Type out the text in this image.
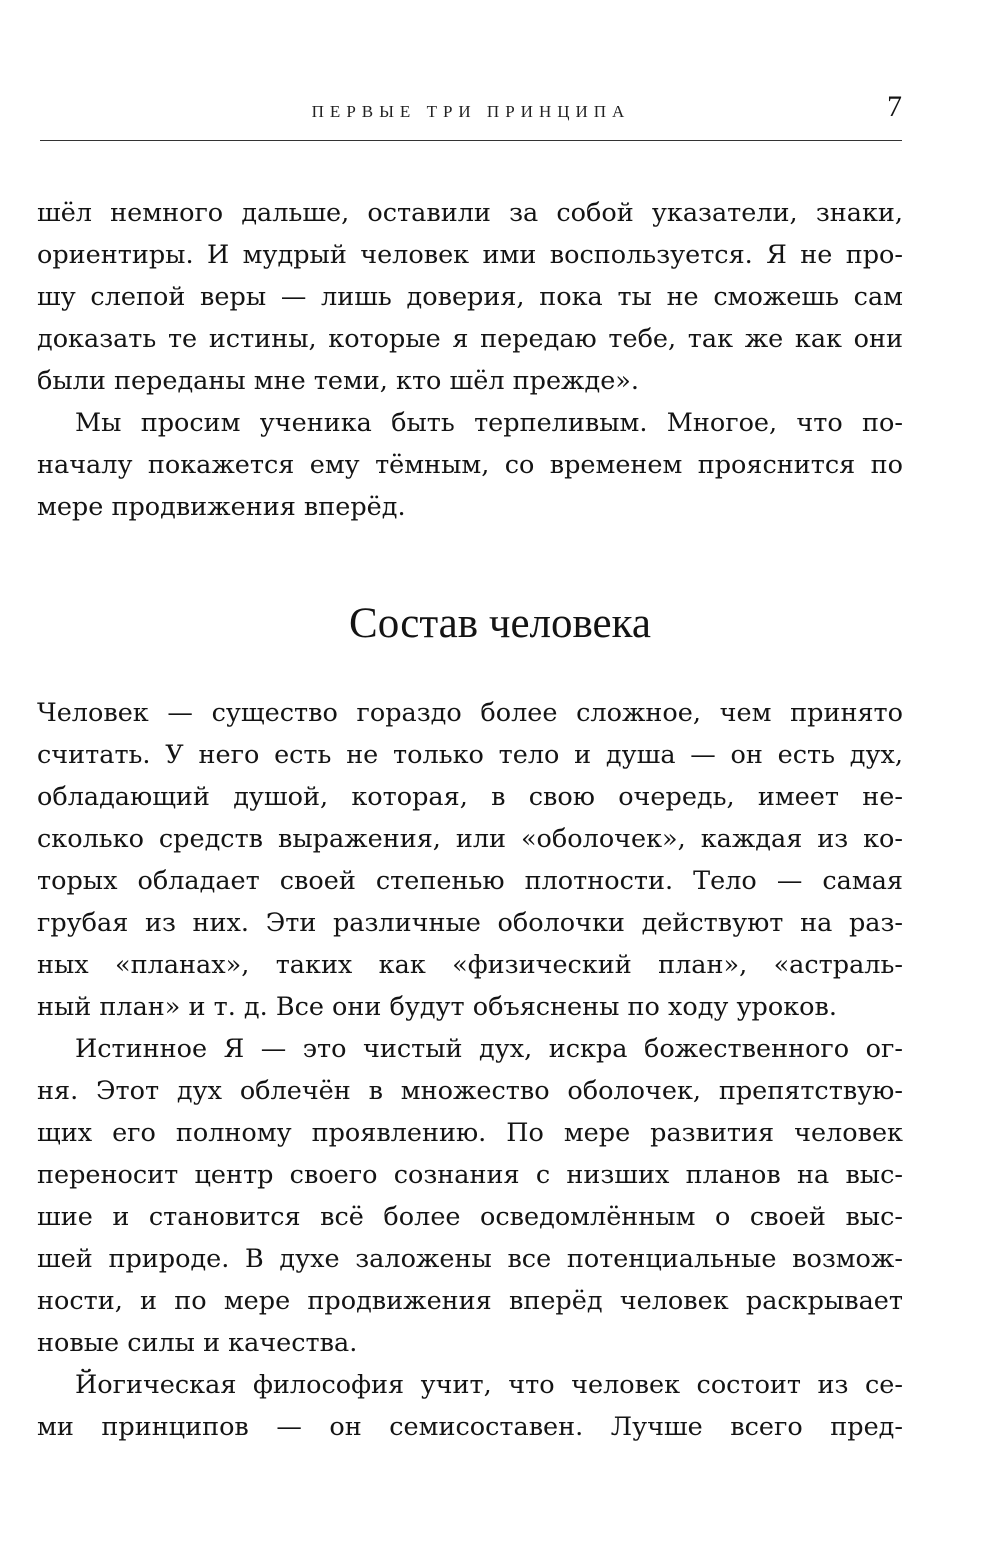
ПЕРВЫЕ ТРИ ПРИНЦИПА	7
шёл немного дальше, оставили за собой указатели, знаки,
ориентиры. И мудрый человек ими воспользуется. Я не про-
шу слепой веры — лишь доверия, пока ты не сможешь сам
доказать те истины, которые я передаю тебе, так же как они
были переданы мне теми, кто шёл прежде».
Мы просим ученика быть терпеливым. Многое, что по-
началу покажется ему тёмным, со временем прояснится по
мере продвижения вперёд.
Состав человека
Человек — существо гораздо более сложное, чем принято
считать. У него есть не только тело и душа — он есть дух,
обладающий душой, которая, в свою очередь, имеет не-
сколько средств выражения, или «оболочек», каждая из ко-
торых обладает своей степенью плотности. Тело — самая
грубая из них. Эти различные оболочки действуют на раз-
ных «планах», таких как «физический план», «астраль-
ный план» и т. д. Все они будут объяснены по ходу уроков.
Истинное Я — это чистый дух, искра божественного ог-
ня. Этот дух облечён в множество оболочек, препятствую-
щих его полному проявлению. По мере развития человек
переносит центр своего сознания с низших планов на выс-
шие и становится всё более осведомлённым о своей выс-
шей природе. В духе заложены все потенциальные возмож-
ности, и по мере продвижения вперёд человек раскрывает
новые силы и качества.
Йогическая философия учит, что человек состоит из се-
ми принципов — он семисоставен. Лучше всего пред-
